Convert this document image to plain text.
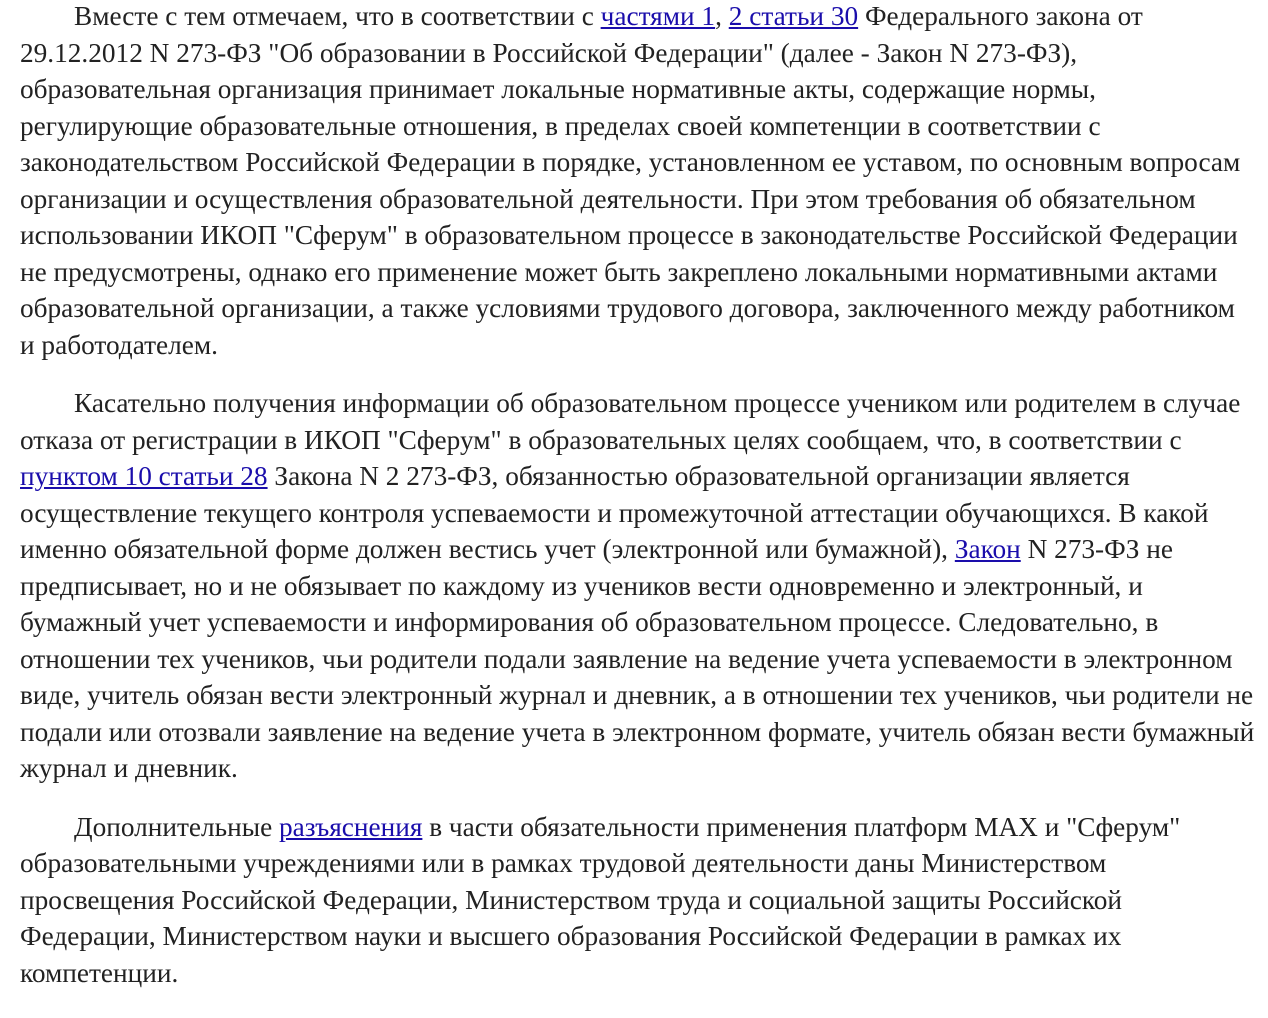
Вместе с тем отмечаем, что в соответствии с частями 1, 2 статьи 30 Федерального закона от 29.12.2012 N 273-ФЗ "Об образовании в Российской Федерации" (далее - Закон N 273-ФЗ), образовательная организация принимает локальные нормативные акты, содержащие нормы, регулирующие образовательные отношения, в пределах своей компетенции в соответствии с законодательством Российской Федерации в порядке, установленном ее уставом, по основным вопросам организации и осуществления образовательной деятельности. При этом требования об обязательном использовании ИКОП "Сферум" в образовательном процессе в законодательстве Российской Федерации не предусмотрены, однако его применение может быть закреплено локальными нормативными актами образовательной организации, а также условиями трудового договора, заключенного между работником и работодателем.

Касательно получения информации об образовательном процессе учеником или родителем в случае отказа от регистрации в ИКОП "Сферум" в образовательных целях сообщаем, что, в соответствии с пунктом 10 статьи 28 Закона N 2 273-ФЗ, обязанностью образовательной организации является осуществление текущего контроля успеваемости и промежуточной аттестации обучающихся. В какой именно обязательной форме должен вестись учет (электронной или бумажной), Закон N 273-ФЗ не предписывает, но и не обязывает по каждому из учеников вести одновременно и электронный, и бумажный учет успеваемости и информирования об образовательном процессе. Следовательно, в отношении тех учеников, чьи родители подали заявление на ведение учета успеваемости в электронном виде, учитель обязан вести электронный журнал и дневник, а в отношении тех учеников, чьи родители не подали или отозвали заявление на ведение учета в электронном формате, учитель обязан вести бумажный журнал и дневник.

Дополнительные разъяснения в части обязательности применения платформ MAX и "Сферум" образовательными учреждениями или в рамках трудовой деятельности даны Министерством просвещения Российской Федерации, Министерством труда и социальной защиты Российской Федерации, Министерством науки и высшего образования Российской Федерации в рамках их компетенции.
